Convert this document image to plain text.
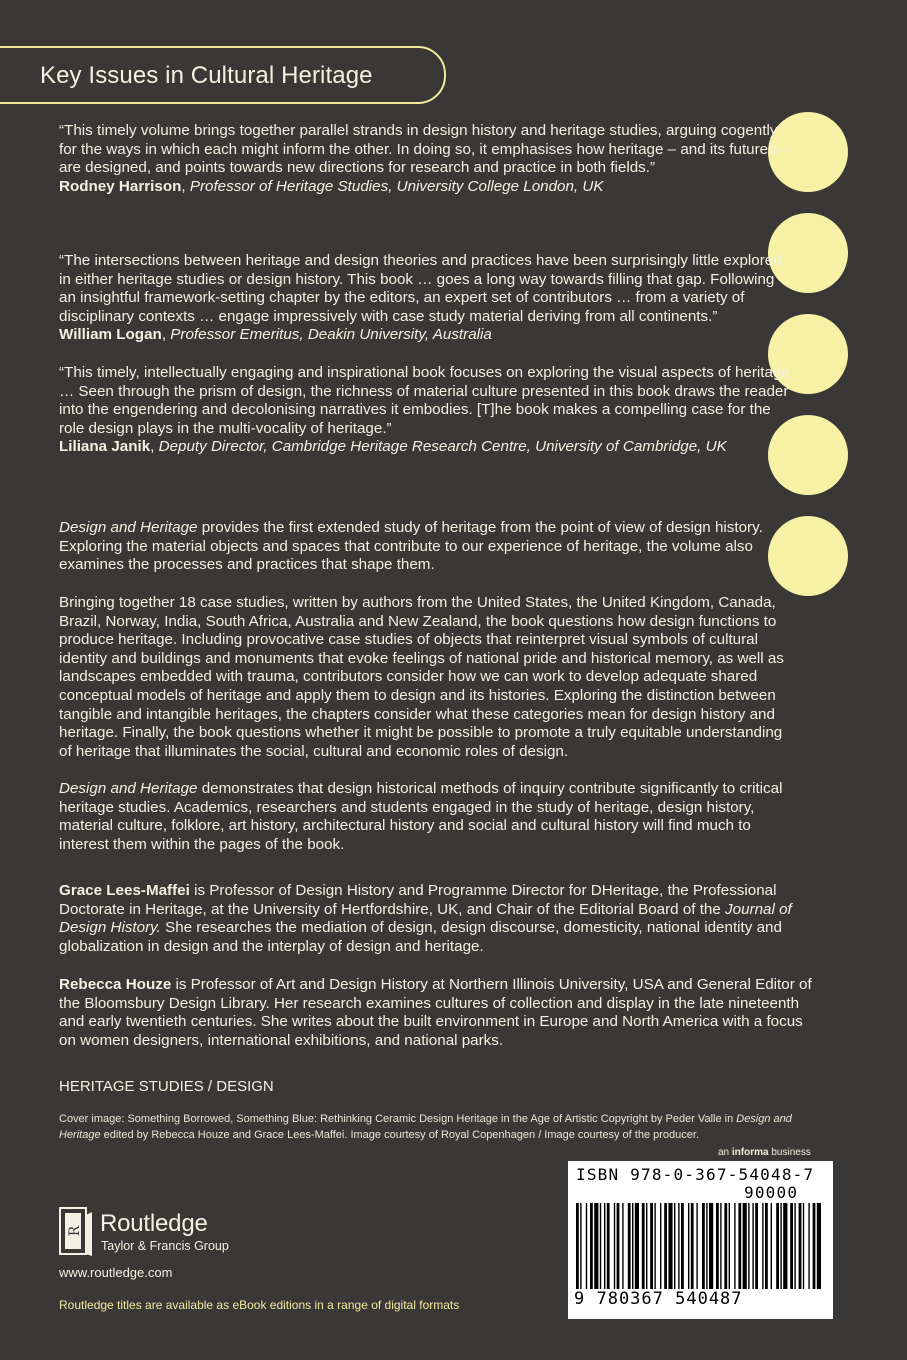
Key Issues in Cultural Heritage

“This timely volume brings together parallel strands in design history and heritage studies, arguing cogently for the ways in which each might inform the other. In doing so, it emphasises how heritage – and its futures – are designed, and points towards new directions for research and practice in both fields.”

Rodney Harrison, Professor of Heritage Studies, University College London, UK

“The intersections between heritage and design theories and practices have been surprisingly little explored in either heritage studies or design history. This book … goes a long way towards filling that gap. Following an insightful framework-setting chapter by the editors, an expert set of contributors … from a variety of disciplinary contexts … engage impressively with case study material deriving from all continents.”

William Logan, Professor Emeritus, Deakin University, Australia

“This timely, intellectually engaging and inspirational book focuses on exploring the visual aspects of heritage … Seen through the prism of design, the richness of material culture presented in this book draws the reader into the engendering and decolonising narratives it embodies. [T]he book makes a compelling case for the role design plays in the multi-vocality of heritage.”

Liliana Janik, Deputy Director, Cambridge Heritage Research Centre, University of Cambridge, UK

Design and Heritage provides the first extended study of heritage from the point of view of design history. Exploring the material objects and spaces that contribute to our experience of heritage, the volume also examines the processes and practices that shape them.

Bringing together 18 case studies, written by authors from the United States, the United Kingdom, Canada, Brazil, Norway, India, South Africa, Australia and New Zealand, the book questions how design functions to produce heritage. Including provocative case studies of objects that reinterpret visual symbols of cultural identity and buildings and monuments that evoke feelings of national pride and historical memory, as well as landscapes embedded with trauma, contributors consider how we can work to develop adequate shared conceptual models of heritage and apply them to design and its histories. Exploring the distinction between tangible and intangible heritages, the chapters consider what these categories mean for design history and heritage. Finally, the book questions whether it might be possible to promote a truly equitable understanding of heritage that illuminates the social, cultural and economic roles of design.

Design and Heritage demonstrates that design historical methods of inquiry contribute significantly to critical heritage studies. Academics, researchers and students engaged in the study of heritage, design history, material culture, folklore, art history, architectural history and social and cultural history will find much to interest them within the pages of the book.

Grace Lees-Maffei is Professor of Design History and Programme Director for DHeritage, the Professional Doctorate in Heritage, at the University of Hertfordshire, UK, and Chair of the Editorial Board of the Journal of Design History. She researches the mediation of design, design discourse, domesticity, national identity and globalization in design and the interplay of design and heritage.

Rebecca Houze is Professor of Art and Design History at Northern Illinois University, USA and General Editor of the Bloomsbury Design Library. Her research examines cultures of collection and display in the late nineteenth and early twentieth centuries. She writes about the built environment in Europe and North America with a focus on women designers, international exhibitions, and national parks.

HERITAGE STUDIES / DESIGN
Cover image: Something Borrowed, Something Blue: Rethinking Ceramic Design Heritage in the Age of Artistic Copyright by Peder Valle in Design and Heritage edited by Rebecca Houze and Grace Lees-Maffei. Image courtesy of Royal Copenhagen / Image courtesy of the producer.
an informa business
ISBN 978-0-367-54048-7
90000
9 780367 540487
R Routledge
Taylor & Francis Group
www.routledge.com
Routledge titles are available as eBook editions in a range of digital formats
